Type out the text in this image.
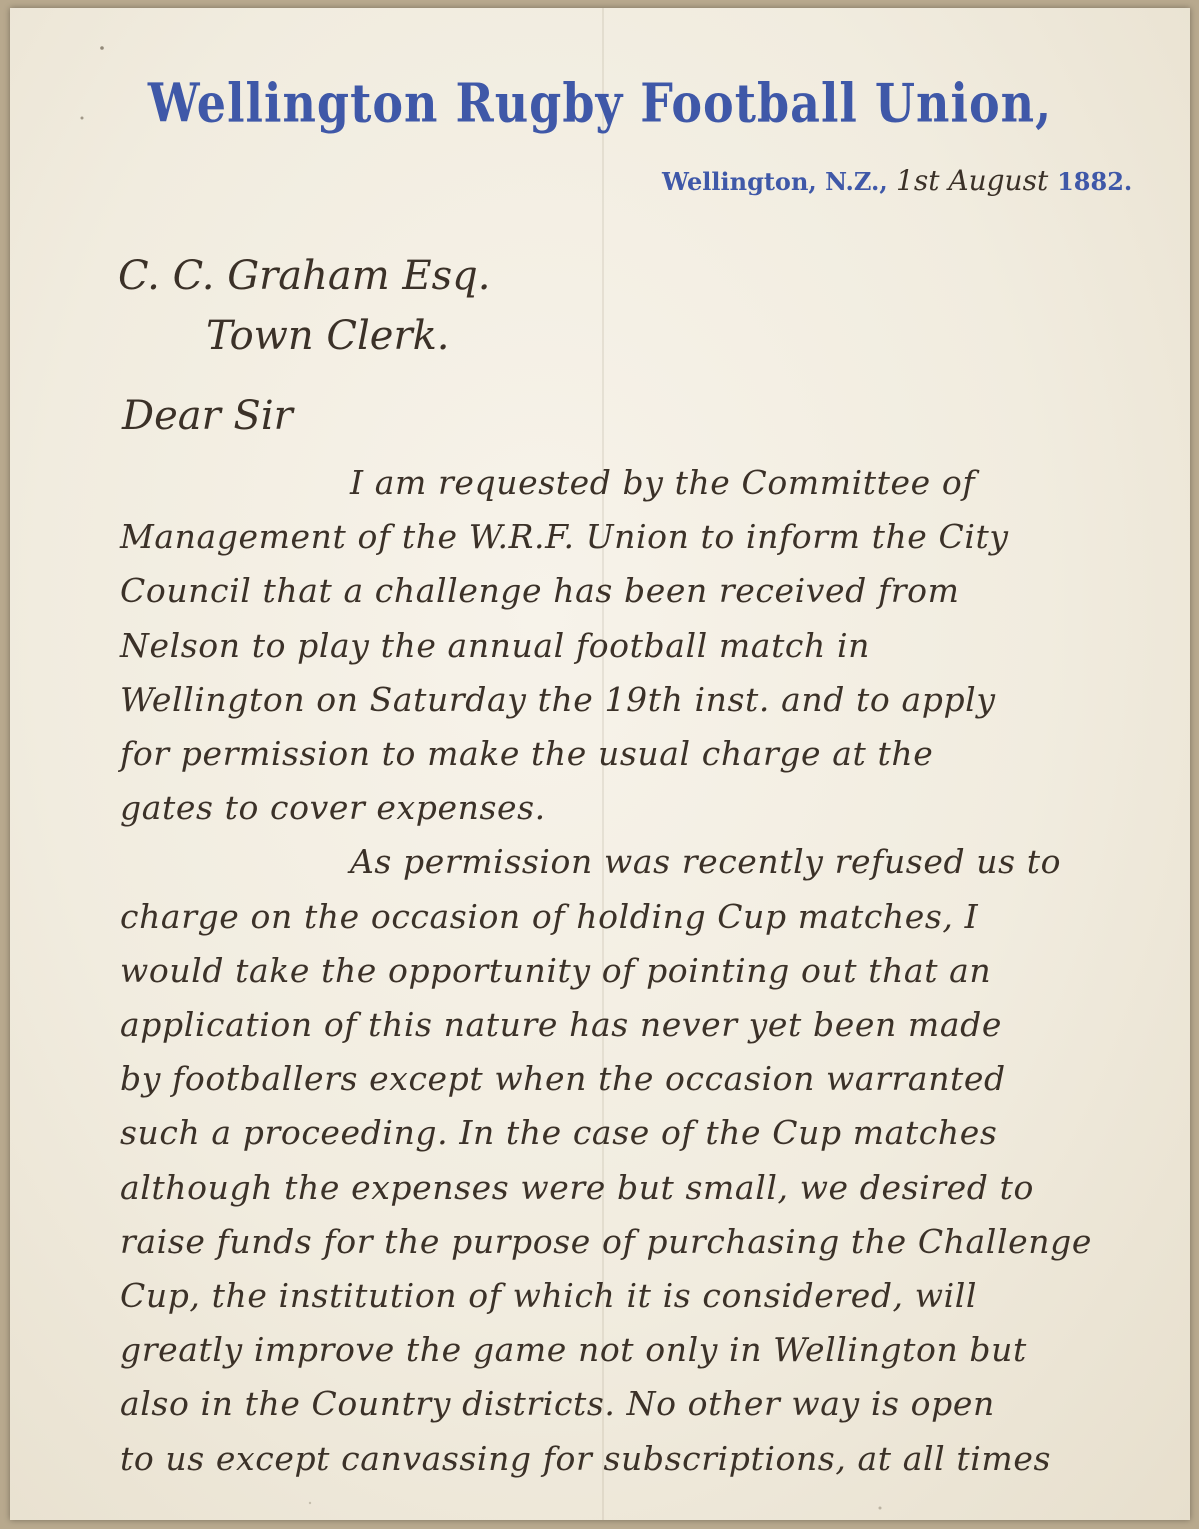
Wellington Rugby Football Union,
Wellington, N.Z., 1st August 1882.
C. C. Graham Esq.
Town Clerk.
Dear Sir
I am requested by the Committee of
Management of the W.R.F. Union to inform the City
Council that a challenge has been received from
Nelson to play the annual football match in
Wellington on Saturday the 19th inst. and to apply
for permission to make the usual charge at the
gates to cover expenses.
As permission was recently refused us to
charge on the occasion of holding Cup matches, I
would take the opportunity of pointing out that an
application of this nature has never yet been made
by footballers except when the occasion warranted
such a proceeding. In the case of the Cup matches
although the expenses were but small, we desired to
raise funds for the purpose of purchasing the Challenge
Cup, the institution of which it is considered, will
greatly improve the game not only in Wellington but
also in the Country districts. No other way is open
to us except canvassing for subscriptions, at all times
